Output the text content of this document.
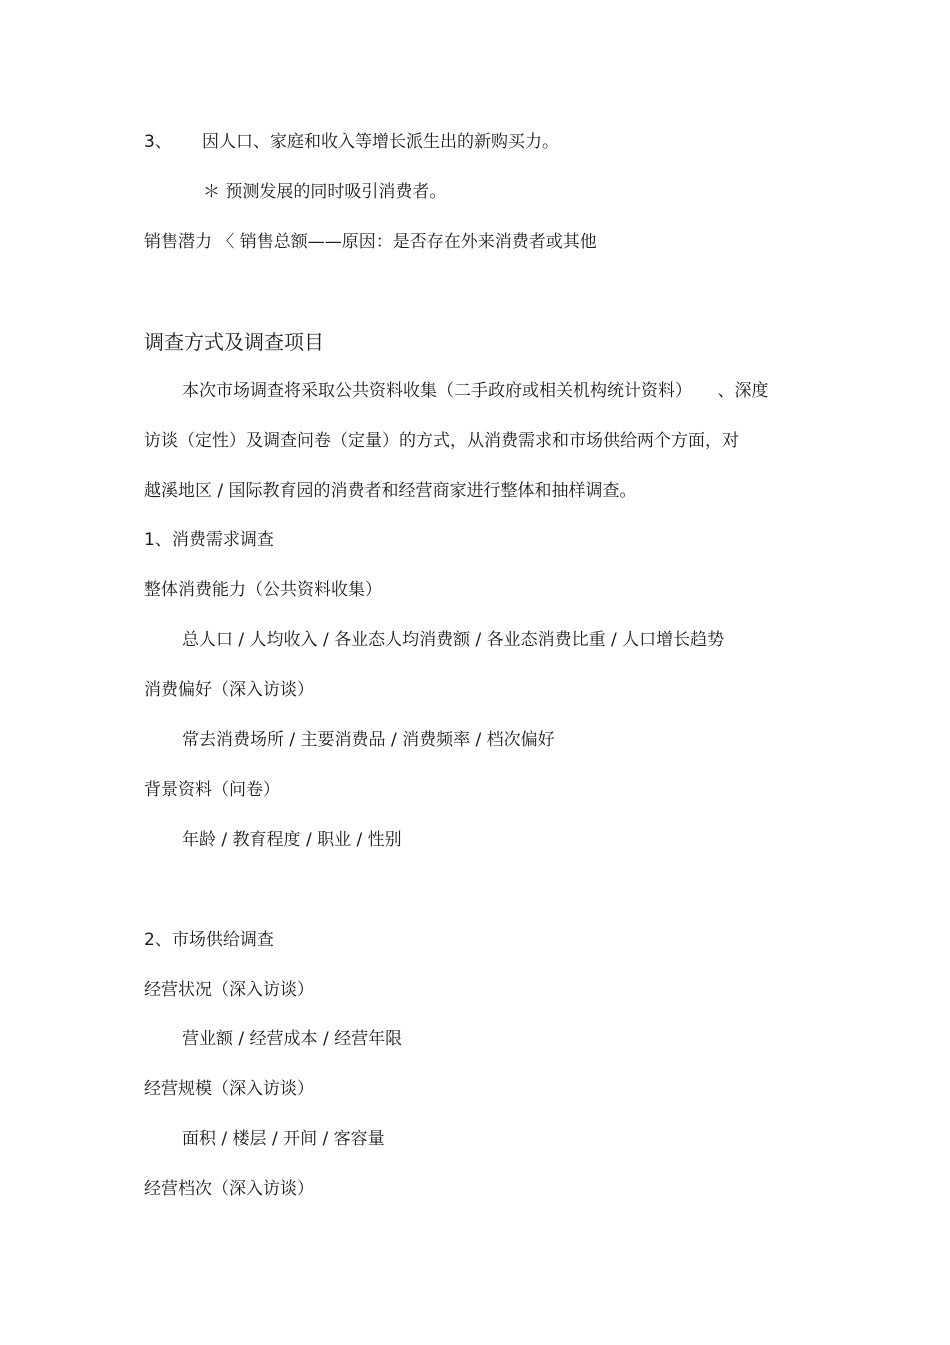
3、 因人口、家庭和收入等增长派生出的新购买力。
＊ 预测发展的同时吸引消费者。
销售潜力 〈 销售总额——原因：是否存在外来消费者或其他
调查方式及调查项目
本次市场调查将采取公共资料收集（二手政府或相关机构统计资料）　　、深度
访谈（定性）及调查问卷（定量）的方式，从消费需求和市场供给两个方面，对
越溪地区 / 国际教育园的消费者和经营商家进行整体和抽样调查。
1、消费需求调查
整体消费能力（公共资料收集）
总人口 / 人均收入 / 各业态人均消费额 / 各业态消费比重 / 人口增长趋势
消费偏好（深入访谈）
常去消费场所 / 主要消费品 / 消费频率 / 档次偏好
背景资料（问卷）
年龄 / 教育程度 / 职业 / 性别
2、市场供给调查
经营状况（深入访谈）
营业额 / 经营成本 / 经营年限
经营规模（深入访谈）
面积 / 楼层 / 开间 / 客容量
经营档次（深入访谈）
